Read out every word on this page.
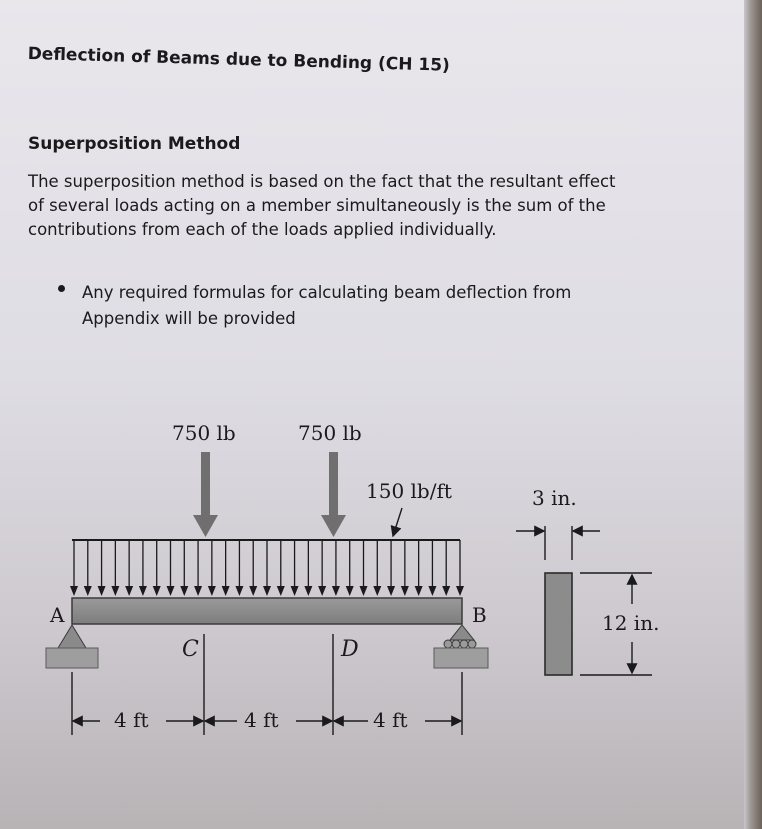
Deflection of Beams due to Bending (CH 15)
Superposition Method
The superposition method is based on the fact that the resultant effect
of several loads acting on a member simultaneously is the sum of the
contributions from each of the loads applied individually.
Any required formulas for calculating beam deflection from
Appendix will be provided
750 lb	750 lb
150 lb/ft
A	B
C	D
4 ft	4 ft	4 ft
3 in.
12 in.
